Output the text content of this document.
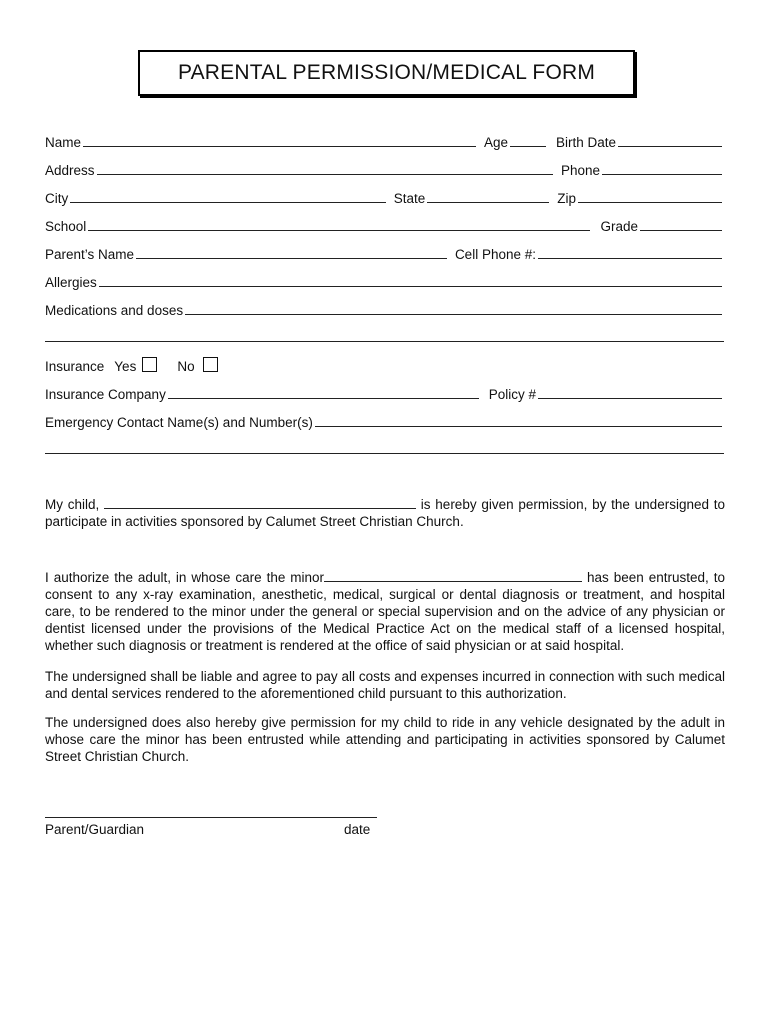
PARENTAL PERMISSION/MEDICAL FORM
Name	Age	Birth Date
Address	Phone
City	State	Zip
School	Grade
Parent’s Name	Cell Phone #:
Allergies
Medications and doses
Insurance Yes	No
Insurance Company	Policy #
Emergency Contact Name(s) and Number(s)
My child,	is hereby given permission, by the undersigned to participate in activities sponsored by Calumet Street Christian Church.
I authorize the adult, in whose care the minor	has been entrusted, to consent to any x-ray examination, anesthetic, medical, surgical or dental diagnosis or treatment, and hospital care, to be rendered to the minor under the general or special supervision and on the advice of any physician or dentist licensed under the provisions of the Medical Practice Act on the medical staff of a licensed hospital, whether such diagnosis or treatment is rendered at the office of said physician or at said hospital.
The undersigned shall be liable and agree to pay all costs and expenses incurred in connection with such medical and dental services rendered to the aforementioned child pursuant to this authorization.
The undersigned does also hereby give permission for my child to ride in any vehicle designated by the adult in whose care the minor has been entrusted while attending and participating in activities sponsored by Calumet Street Christian Church.
Parent/Guardian	date
